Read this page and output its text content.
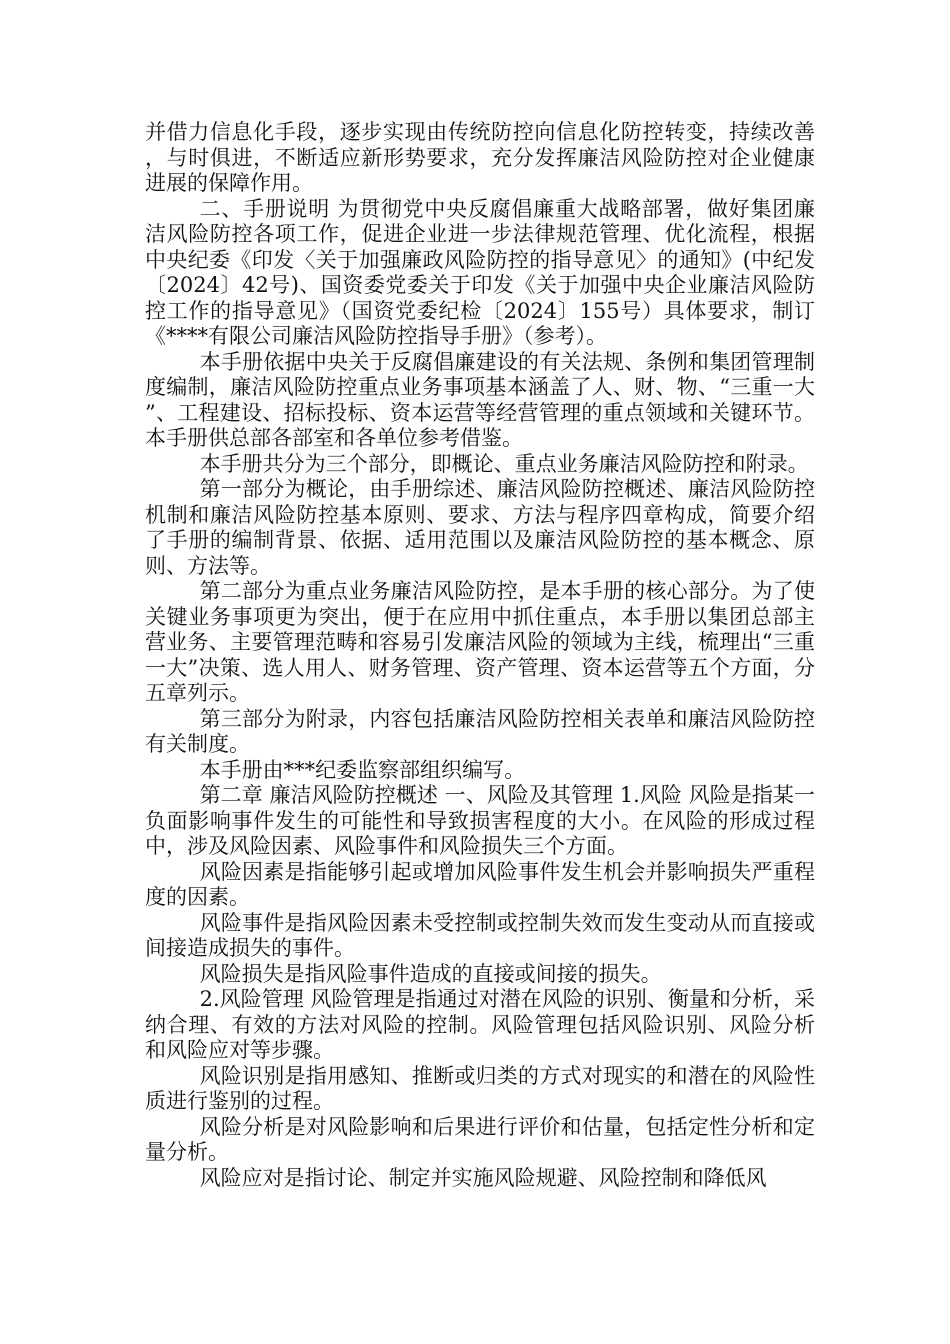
并借力信息化手段，逐步实现由传统防控向信息化防控转变，持续改善，与时俱进，不断适应新形势要求，充分发挥廉洁风险防控对企业健康进展的保障作用。

二、手册说明 为贯彻党中央反腐倡廉重大战略部署，做好集团廉洁风险防控各项工作，促进企业进一步法律规范管理、优化流程，根据中央纪委《印发〈关于加强廉政风险防控的指导意见〉的通知》(中纪发〔2024〕42号)、国资委党委关于印发《关于加强中央企业廉洁风险防控工作的指导意见》（国资党委纪检〔2024〕155号）具体要求，制订《****有限公司廉洁风险防控指导手册》（参考）。

本手册依据中央关于反腐倡廉建设的有关法规、条例和集团管理制度编制，廉洁风险防控重点业务事项基本涵盖了人、财、物、“三重一大”、工程建设、招标投标、资本运营等经营管理的重点领域和关键环节。本手册供总部各部室和各单位参考借鉴。

本手册共分为三个部分，即概论、重点业务廉洁风险防控和附录。

第一部分为概论，由手册综述、廉洁风险防控概述、廉洁风险防控机制和廉洁风险防控基本原则、要求、方法与程序四章构成，简要介绍了手册的编制背景、依据、适用范围以及廉洁风险防控的基本概念、原则、方法等。

第二部分为重点业务廉洁风险防控，是本手册的核心部分。为了使关键业务事项更为突出，便于在应用中抓住重点，本手册以集团总部主营业务、主要管理范畴和容易引发廉洁风险的领域为主线，梳理出“三重一大”决策、选人用人、财务管理、资产管理、资本运营等五个方面，分五章列示。

第三部分为附录，内容包括廉洁风险防控相关表单和廉洁风险防控有关制度。

本手册由***纪委监察部组织编写。

第二章 廉洁风险防控概述 一、风险及其管理 1.风险 风险是指某一负面影响事件发生的可能性和导致损害程度的大小。在风险的形成过程中，涉及风险因素、风险事件和风险损失三个方面。

风险因素是指能够引起或增加风险事件发生机会并影响损失严重程度的因素。

风险事件是指风险因素未受控制或控制失效而发生变动从而直接或间接造成损失的事件。

风险损失是指风险事件造成的直接或间接的损失。

2.风险管理 风险管理是指通过对潜在风险的识别、衡量和分析，采纳合理、有效的方法对风险的控制。风险管理包括风险识别、风险分析和风险应对等步骤。

风险识别是指用感知、推断或归类的方式对现实的和潜在的风险性质进行鉴别的过程。

风险分析是对风险影响和后果进行评价和估量，包括定性分析和定量分析。

风险应对是指讨论、制定并实施风险规避、风险控制和降低风
